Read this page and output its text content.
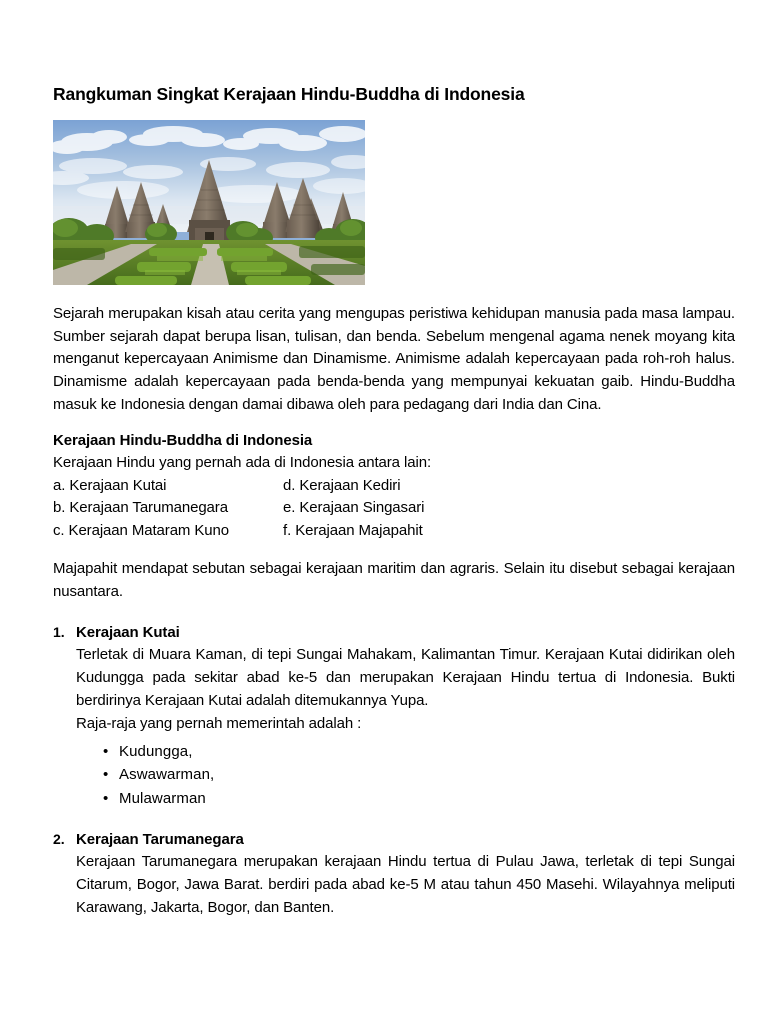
Rangkuman Singkat Kerajaan Hindu-Buddha di Indonesia

Sejarah merupakan kisah atau cerita yang mengupas peristiwa kehidupan manusia pada masa lampau. Sumber sejarah dapat berupa lisan, tulisan, dan benda. Sebelum mengenal agama nenek moyang kita menganut kepercayaan Animisme dan Dinamisme. Animisme adalah kepercayaan pada roh-roh halus. Dinamisme adalah kepercayaan pada benda-benda yang mempunyai kekuatan gaib. Hindu-Buddha masuk ke Indonesia dengan damai dibawa oleh para pedagang dari India dan Cina.

Kerajaan Hindu-Buddha di Indonesia

Kerajaan Hindu yang pernah ada di Indonesia antara lain:

a. Kerajaan Kutai	d. Kerajaan Kediri
b. Kerajaan Tarumanegara	e. Kerajaan Singasari
c. Kerajaan Mataram Kuno	f. Kerajaan Majapahit

Majapahit mendapat sebutan sebagai kerajaan maritim dan agraris. Selain itu disebut sebagai kerajaan nusantara.

1. Kerajaan Kutai

Terletak di Muara Kaman, di tepi Sungai Mahakam, Kalimantan Timur. Kerajaan Kutai didirikan oleh Kudungga pada sekitar abad ke-5 dan merupakan Kerajaan Hindu tertua di Indonesia. Bukti berdirinya Kerajaan Kutai adalah ditemukannya Yupa.

Raja-raja yang pernah memerintah adalah :

• Kudungga,
• Aswawarman,
• Mulawarman
2. Kerajaan Tarumanegara

Kerajaan Tarumanegara merupakan kerajaan Hindu tertua di Pulau Jawa, terletak di tepi Sungai Citarum, Bogor, Jawa Barat. berdiri pada abad ke-5 M atau tahun 450 Masehi. Wilayahnya meliputi Karawang, Jakarta, Bogor, dan Banten.
